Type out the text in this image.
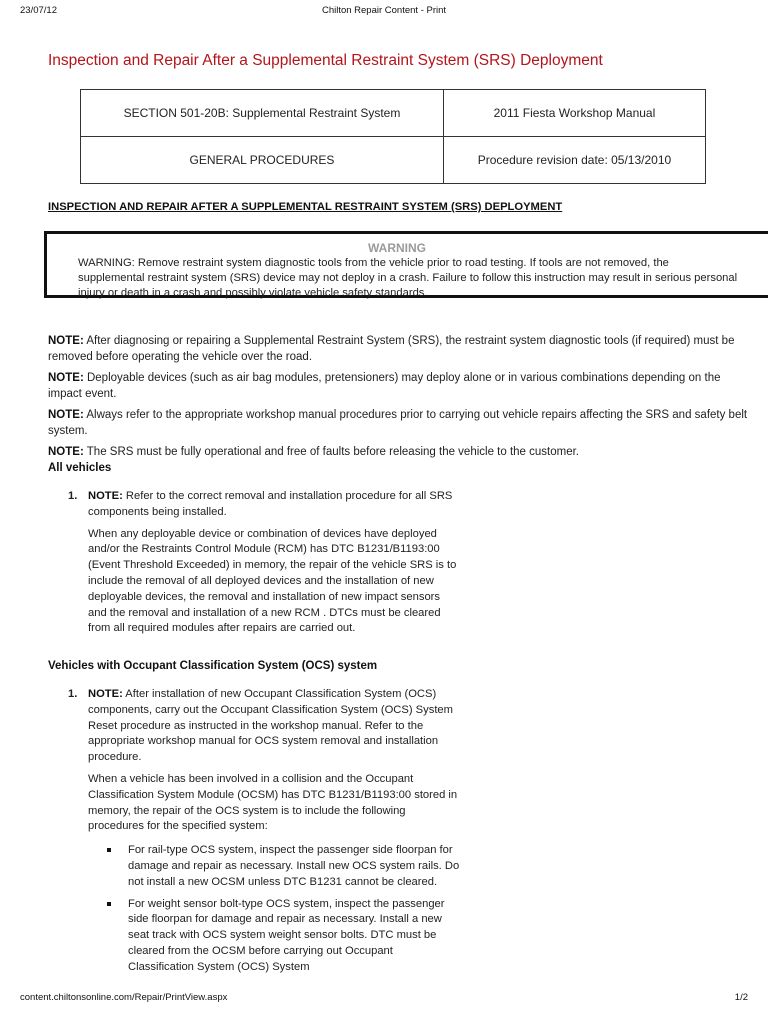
23/07/12	Chilton Repair Content - Print
Inspection and Repair After a Supplemental Restraint System (SRS) Deployment
SECTION 501-20B: Supplemental Restraint System	2011 Fiesta Workshop Manual
GENERAL PROCEDURES	Procedure revision date: 05/13/2010
INSPECTION AND REPAIR AFTER A SUPPLEMENTAL RESTRAINT SYSTEM (SRS) DEPLOYMENT
WARNING
WARNING: Remove restraint system diagnostic tools from the vehicle prior to road testing. If tools are not removed, the supplemental restraint system (SRS) device may not deploy in a crash. Failure to follow this instruction may result in serious personal injury or death in a crash and possibly violate vehicle safety standards.

NOTE: After diagnosing or repairing a Supplemental Restraint System (SRS), the restraint system diagnostic tools (if required) must be removed before operating the vehicle over the road.

NOTE: Deployable devices (such as air bag modules, pretensioners) may deploy alone or in various combinations depending on the impact event.

NOTE: Always refer to the appropriate workshop manual procedures prior to carrying out vehicle repairs affecting the SRS and safety belt system.

NOTE: The SRS must be fully operational and free of faults before releasing the vehicle to the customer.

All vehicles
1. NOTE: Refer to the correct removal and installation procedure for all SRS components being installed.

When any deployable device or combination of devices have deployed and/or the Restraints Control Module (RCM) has DTC B1231/B1193:00 (Event Threshold Exceeded) in memory, the repair of the vehicle SRS is to include the removal of all deployed devices and the installation of new deployable devices, the removal and installation of new impact sensors and the removal and installation of a new RCM . DTCs must be cleared from all required modules after repairs are carried out.

Vehicles with Occupant Classification System (OCS) system
1. NOTE: After installation of new Occupant Classification System (OCS) components, carry out the Occupant Classification System (OCS) System Reset procedure as instructed in the workshop manual. Refer to the appropriate workshop manual for OCS system removal and installation procedure.

When a vehicle has been involved in a collision and the Occupant Classification System Module (OCSM) has DTC B1231/B1193:00 stored in memory, the repair of the OCS system is to include the following procedures for the specified system:

For rail-type OCS system, inspect the passenger side floorpan for damage and repair as necessary. Install new OCS system rails. Do not install a new OCSM unless DTC B1231 cannot be cleared.
For weight sensor bolt-type OCS system, inspect the passenger side floorpan for damage and repair as necessary. Install a new seat track with OCS system weight sensor bolts. DTC must be cleared from the OCSM before carrying out Occupant Classification System (OCS) System
content.chiltonsonline.com/Repair/PrintView.aspx	1/2
